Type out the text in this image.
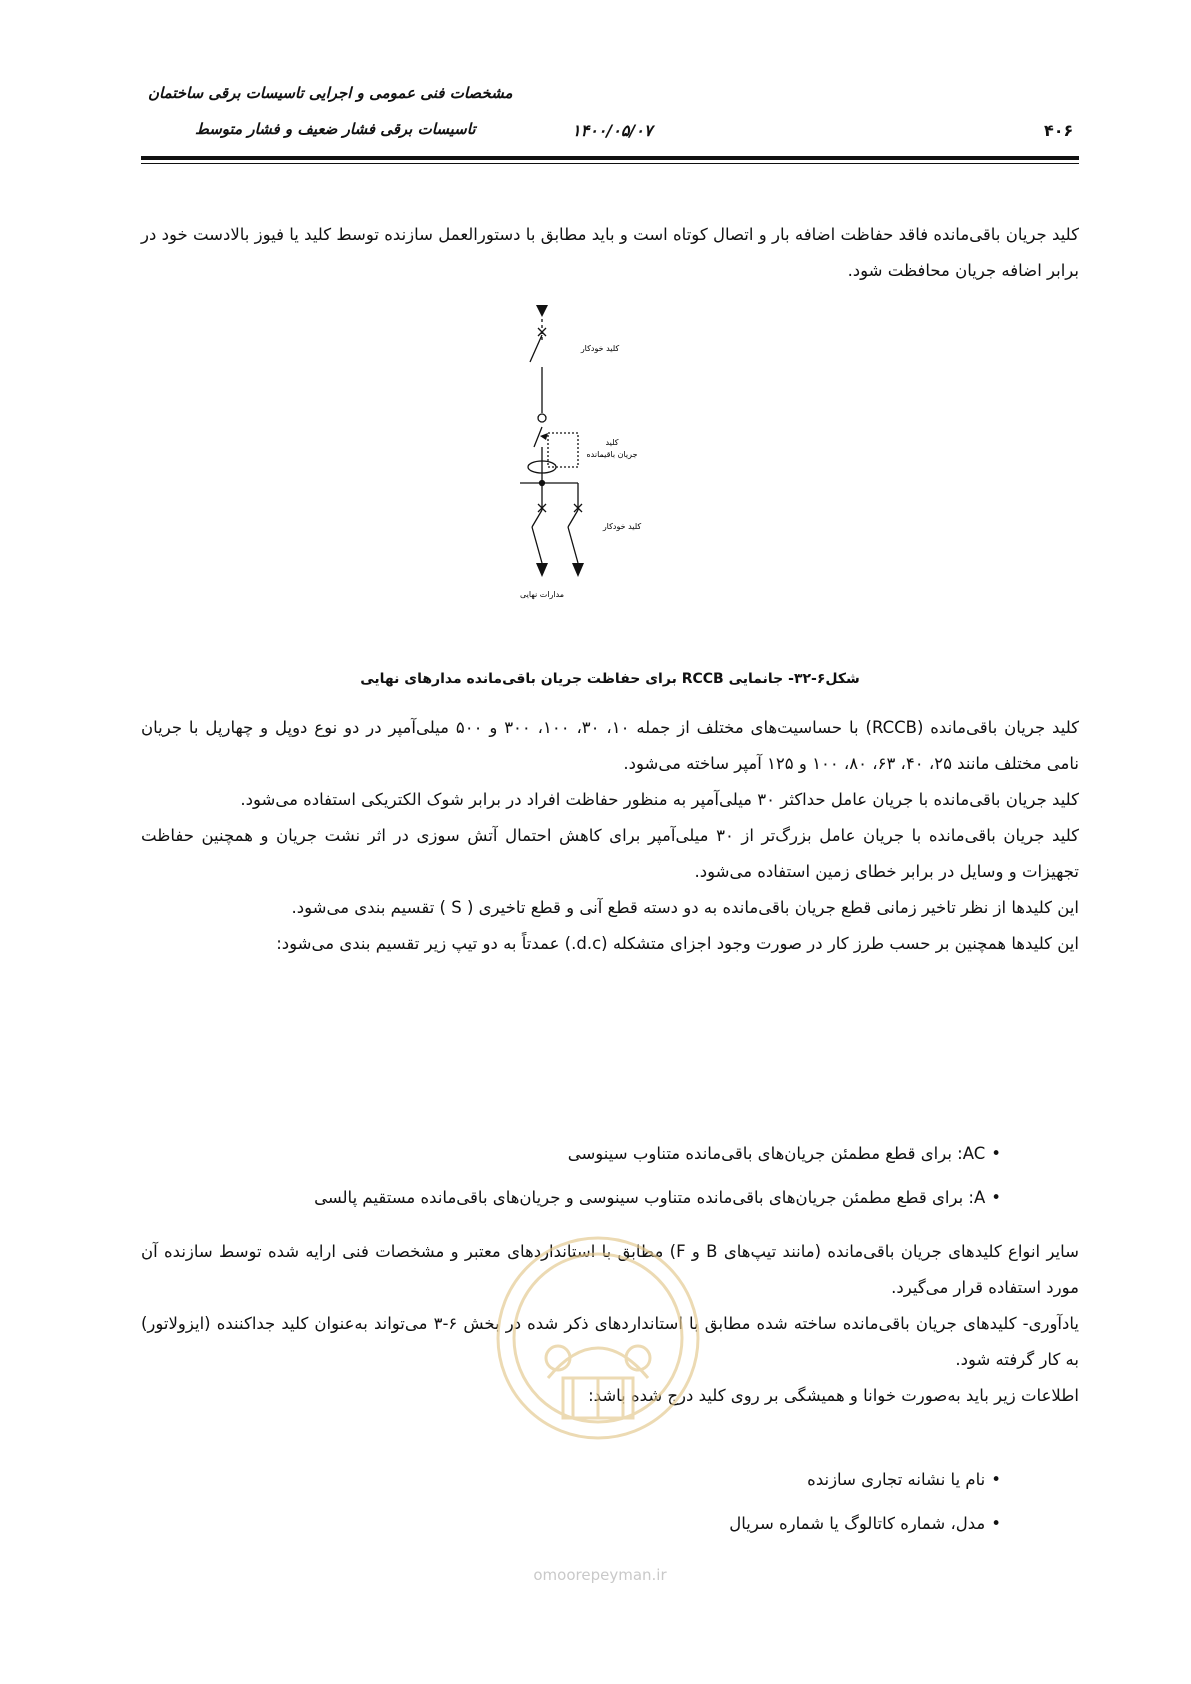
مشخصات فنی عمومی و اجرایی تاسیسات برقی ساختمان
تاسیسات برقی فشار ضعیف و فشار متوسط	۱۴۰۰/۰۵/۰۷	۴۰۶

کلید جریان باقی‌مانده فاقد حفاظت اضافه بار و اتصال کوتاه است و باید مطابق با دستورالعمل سازنده توسط کلید یا فیوز بالادست خود در برابر اضافه جریان محافظت شود.

کلید خودکار
کلید
جریان باقیمانده
کلید خودکار
مدارات نهایی
شکل۶-۳۲- جانمایی RCCB برای حفاظت جریان باقی‌مانده مدارهای نهایی

کلید جریان باقی‌مانده (RCCB) با حساسیت‌های مختلف از جمله ۱۰، ۳۰، ۱۰۰، ۳۰۰ و ۵۰۰ میلی‌آمپر در دو نوع دوپل و چهارپل با جریان نامی مختلف مانند ۲۵، ۴۰، ۶۳، ۸۰، ۱۰۰ و ۱۲۵ آمپر ساخته می‌شود.

کلید جریان باقی‌مانده با جریان عامل حداکثر ۳۰ میلی‌آمپر به منظور حفاظت افراد در برابر شوک الکتریکی استفاده می‌شود.

کلید جریان باقی‌مانده با جریان عامل بزرگ‌تر از ۳۰ میلی‌آمپر برای کاهش احتمال آتش سوزی در اثر نشت جریان و همچنین حفاظت تجهیزات و وسایل در برابر خطای زمین استفاده می‌شود.

این کلیدها از نظر تاخیر زمانی قطع جریان باقی‌مانده به دو دسته قطع آنی و قطع تاخیری ( S ) تقسیم بندی می‌شود.

این کلیدها همچنین بر حسب طرز کار در صورت وجود اجزای متشکله (d.c.) عمدتاً به دو تیپ زیر تقسیم بندی می‌شود:

•AC: برای قطع مطمئن جریان‌های باقی‌مانده متناوب سینوسی
•A: برای قطع مطمئن جریان‌های باقی‌مانده متناوب سینوسی و جریان‌های باقی‌مانده مستقیم پالسی

سایر انواع کلیدهای جریان باقی‌مانده (مانند تیپ‌های B و F) مطابق با استانداردهای معتبر و مشخصات فنی ارایه شده توسط سازنده آن مورد استفاده قرار می‌گیرد.

یادآوری- کلیدهای جریان باقی‌مانده ساخته شده مطابق با استانداردهای ذکر شده در بخش ۶-۳ می‌تواند به‌عنوان کلید جداکننده (ایزولاتور) به کار گرفته شود.

اطلاعات زیر باید به‌صورت خوانا و همیشگی بر روی کلید درج شده باشد:

•نام یا نشانه تجاری سازنده
•مدل، شماره کاتالوگ یا شماره سریال
omoorepeyman.ir
